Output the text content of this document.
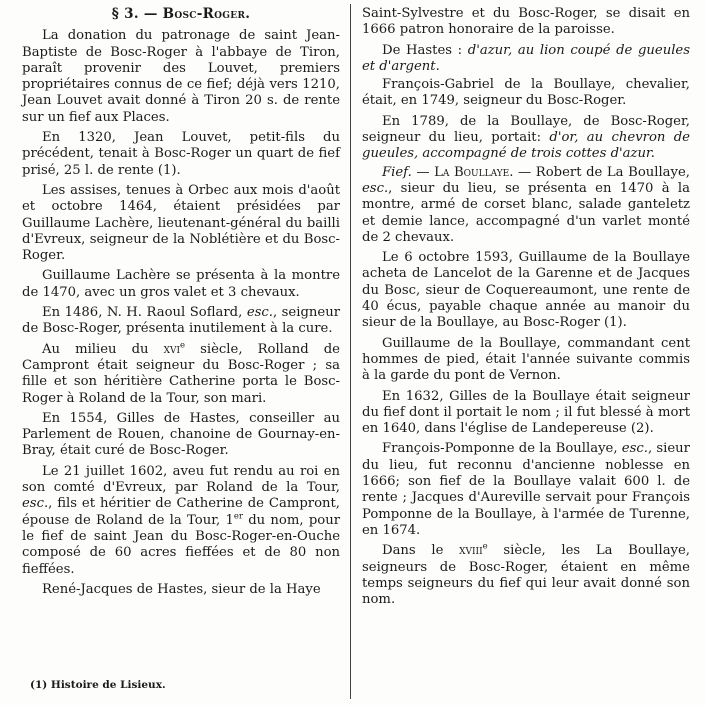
§ 3. — Bosc-Roger.

La donation du patronage de saint Jean-Baptiste de Bosc-Roger à l'abbaye de Tiron, paraît provenir des Louvet, premiers propriétaires connus de ce fief; déjà vers 1210, Jean Louvet avait donné à Tiron 20 s. de rente sur un fief aux Places.

En 1320, Jean Louvet, petit-fils du précédent, tenait à Bosc-Roger un quart de fief prisé, 25 l. de rente (1).

Les assises, tenues à Orbec aux mois d'août et octobre 1464, étaient présidées par Guillaume Lachère, lieutenant-général du bailli d'Evreux, seigneur de la Noblétière et du Bosc-Roger.

Guillaume Lachère se présenta à la montre de 1470, avec un gros valet et 3 chevaux.

En 1486, N. H. Raoul Soflard, esc., seigneur de Bosc-Roger, présenta inutilement à la cure.

Au milieu du xvi$^e$ siècle, Rolland de Campront était seigneur du Bosc-Roger ; sa fille et son héritière Catherine porta le Bosc-Roger à Roland de la Tour, son mari.

En 1554, Gilles de Hastes, conseiller au Parlement de Rouen, chanoine de Gournay-en-Bray, était curé de Bosc-Roger.

Le 21 juillet 1602, aveu fut rendu au roi en son comté d'Evreux, par Roland de la Tour, esc., fils et héritier de Catherine de Campront, épouse de Roland de la Tour, 1er du nom, pour le fief de saint Jean du Bosc-Roger-en-Ouche composé de 60 acres fieffées et de 80 non fieffées.

René-Jacques de Hastes, sieur de la Haye

Saint-Sylvestre et du Bosc-Roger, se disait en 1666 patron honoraire de la paroisse.

De Hastes : d'azur, au lion coupé de gueules et d'argent.

François-Gabriel de la Boullaye, chevalier, était, en 1749, seigneur du Bosc-Roger.

En 1789, de la Boullaye, de Bosc-Roger, seigneur du lieu, portait: d'or, au chevron de gueules, accompagné de trois cottes d'azur.

Fief. — La Boullaye. — Robert de La Boullaye, esc., sieur du lieu, se présenta en 1470 à la montre, armé de corset blanc, salade ganteletz et demie lance, accompagné d'un varlet monté de 2 chevaux.

Le 6 octobre 1593, Guillaume de la Boullaye acheta de Lancelot de la Garenne et de Jacques du Bosc, sieur de Coquereaumont, une rente de 40 écus, payable chaque année au manoir du sieur de la Boullaye, au Bosc-Roger (1).

Guillaume de la Boullaye, commandant cent hommes de pied, était l'année suivante commis à la garde du pont de Vernon.

En 1632, Gilles de la Boullaye était seigneur du fief dont il portait le nom ; il fut blessé à mort en 1640, dans l'église de Landepereuse (2).

François-Pomponne de la Boullaye, esc., sieur du lieu, fut reconnu d'ancienne noblesse en 1666; son fief de la Boullaye valait 600 l. de rente ; Jacques d'Aureville servait pour François Pomponne de la Boullaye, à l'armée de Turenne, en 1674.

Dans le xviii$^e$ siècle, les La Boullaye, seigneurs de Bosc-Roger, étaient en même temps seigneurs du fief qui leur avait donné son nom.

(1) Histoire de Lisieux.
